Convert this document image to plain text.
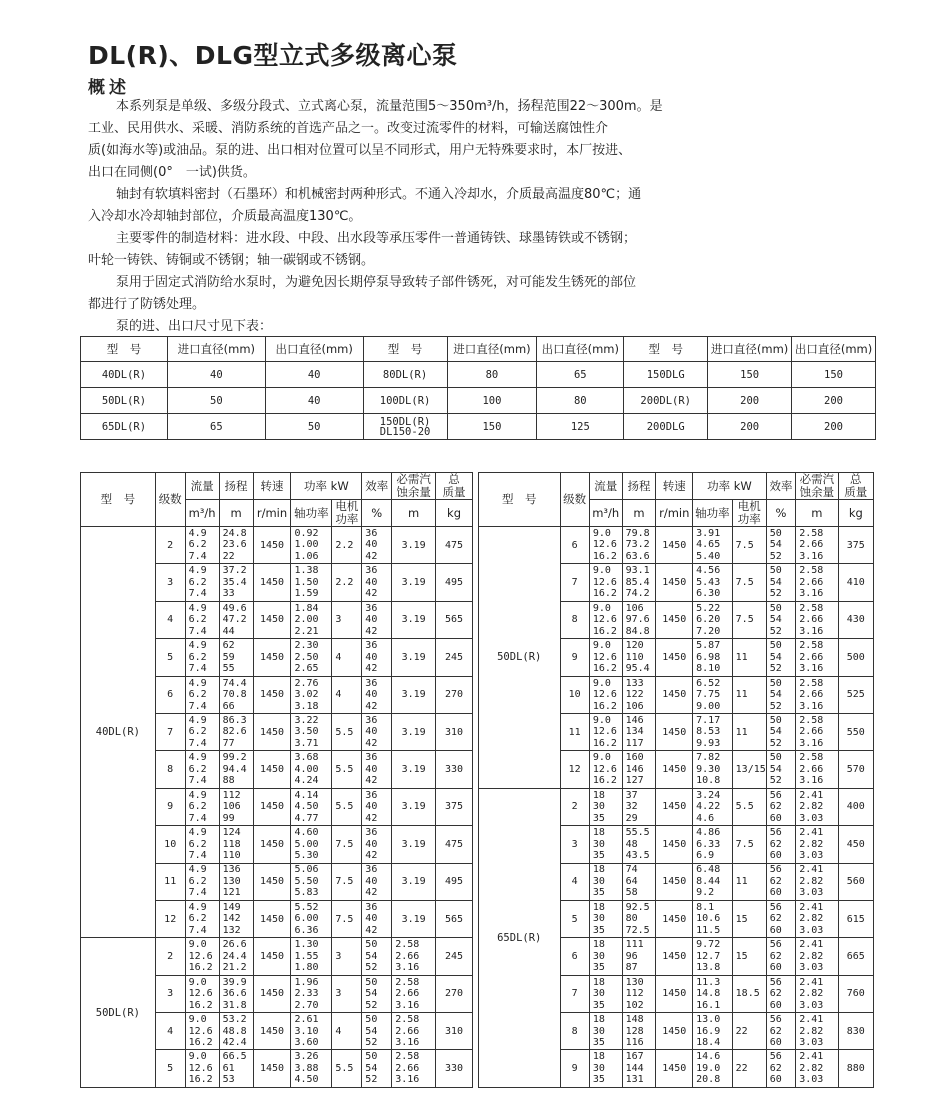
DL(R)、DLG型立式多级离心泵
概述

本系列泵是单级、多级分段式、立式离心泵，流量范围5～350m³/h，扬程范围22～300m。是

工业、民用供水、采暖、消防系统的首选产品之一。改变过流零件的材料，可输送腐蚀性介

质(如海水等)或油品。泵的进、出口相对位置可以呈不同形式，用户无特殊要求时，本厂按进、

出口在同侧(0°　一试)供货。

轴封有软填料密封（石墨环）和机械密封两种形式。不通入冷却水，介质最高温度80℃；通

入冷却水冷却轴封部位，介质最高温度130℃。

主要零件的制造材料：进水段、中段、出水段等承压零件一普通铸铁、球墨铸铁或不锈钢；

叶轮一铸铁、铸铜或不锈钢；轴一碳钢或不锈钢。

泵用于固定式消防给水泵时，为避免因长期停泵导致转子部件锈死，对可能发生锈死的部位

都进行了防锈处理。

泵的进、出口尺寸见下表：

型　号	进口直径(mm)	出口直径(mm)	型　号	进口直径(mm)	出口直径(mm)	型　号	进口直径(mm)	出口直径(mm)
40DL(R)	40	40	80DL(R)	80	65	150DLG	150	150
50DL(R)	50	40	100DL(R)	100	80	200DL(R)	200	200
65DL(R)	65	50	150DL(R)
DL150-20	150	125	200DLG	200	200
型　号	级数	流量	扬程	转速	功率 kW		效率	必需汽
蚀余量	总
质量
		m³/h	m	r/min	轴功率	电机
功率	%	m	kg
40DL(R)	2	4.9
6.2
7.4	24.8
23.6
22	1450	0.92
1.00
1.06	2.2	36
40
42	3.19	475
	3	4.9
6.2
7.4	37.2
35.4
33	1450	1.38
1.50
1.59	2.2	36
40
42	3.19	495
	4	4.9
6.2
7.4	49.6
47.2
44	1450	1.84
2.00
2.21	3	36
40
42	3.19	565
	5	4.9
6.2
7.4	62
59
55	1450	2.30
2.50
2.65	4	36
40
42	3.19	245
	6	4.9
6.2
7.4	74.4
70.8
66	1450	2.76
3.02
3.18	4	36
40
42	3.19	270
	7	4.9
6.2
7.4	86.3
82.6
77	1450	3.22
3.50
3.71	5.5	36
40
42	3.19	310
	8	4.9
6.2
7.4	99.2
94.4
88	1450	3.68
4.00
4.24	5.5	36
40
42	3.19	330
	9	4.9
6.2
7.4	112
106
99	1450	4.14
4.50
4.77	5.5	36
40
42	3.19	375
	10	4.9
6.2
7.4	124
118
110	1450	4.60
5.00
5.30	7.5	36
40
42	3.19	475
	11	4.9
6.2
7.4	136
130
121	1450	5.06
5.50
5.83	7.5	36
40
42	3.19	495
	12	4.9
6.2
7.4	149
142
132	1450	5.52
6.00
6.36	7.5	36
40
42	3.19	565
50DL(R)	2	9.0
12.6
16.2	26.6
24.4
21.2	1450	1.30
1.55
1.80	3	50
54
52	2.58
2.66
3.16	245
	3	9.0
12.6
16.2	39.9
36.6
31.8	1450	1.96
2.33
2.70	3	50
54
52	2.58
2.66
3.16	270
	4	9.0
12.6
16.2	53.2
48.8
42.4	1450	2.61
3.10
3.60	4	50
54
52	2.58
2.66
3.16	310
	5	9.0
12.6
16.2	66.5
61
53	1450	3.26
3.88
4.50	5.5	50
54
52	2.58
2.66
3.16	330
型　号	级数	流量	扬程	转速	功率 kW		效率	必需汽
蚀余量	总
质量
		m³/h	m	r/min	轴功率	电机
功率	%	m	kg
50DL(R)	6	9.0
12.6
16.2	79.8
73.2
63.6	1450	3.91
4.65
5.40	7.5	50
54
52	2.58
2.66
3.16	375
	7	9.0
12.6
16.2	93.1
85.4
74.2	1450	4.56
5.43
6.30	7.5	50
54
52	2.58
2.66
3.16	410
	8	9.0
12.6
16.2	106
97.6
84.8	1450	5.22
6.20
7.20	7.5	50
54
52	2.58
2.66
3.16	430
	9	9.0
12.6
16.2	120
110
95.4	1450	5.87
6.98
8.10	11	50
54
52	2.58
2.66
3.16	500
	10	9.0
12.6
16.2	133
122
106	1450	6.52
7.75
9.00	11	50
54
52	2.58
2.66
3.16	525
	11	9.0
12.6
16.2	146
134
117	1450	7.17
8.53
9.93	11	50
54
52	2.58
2.66
3.16	550
	12	9.0
12.6
16.2	160
146
127	1450	7.82
9.30
10.8	13/15	50
54
52	2.58
2.66
3.16	570
65DL(R)	2	18
30
35	37
32
29	1450	3.24
4.22
4.6	5.5	56
62
60	2.41
2.82
3.03	400
	3	18
30
35	55.5
48
43.5	1450	4.86
6.33
6.9	7.5	56
62
60	2.41
2.82
3.03	450
	4	18
30
35	74
64
58	1450	6.48
8.44
9.2	11	56
62
60	2.41
2.82
3.03	560
	5	18
30
35	92.5
80
72.5	1450	8.1
10.6
11.5	15	56
62
60	2.41
2.82
3.03	615
	6	18
30
35	111
96
87	1450	9.72
12.7
13.8	15	56
62
60	2.41
2.82
3.03	665
	7	18
30
35	130
112
102	1450	11.3
14.8
16.1	18.5	56
62
60	2.41
2.82
3.03	760
	8	18
30
35	148
128
116	1450	13.0
16.9
18.4	22	56
62
60	2.41
2.82
3.03	830
	9	18
30
35	167
144
131	1450	14.6
19.0
20.8	22	56
62
60	2.41
2.82
3.03	880
